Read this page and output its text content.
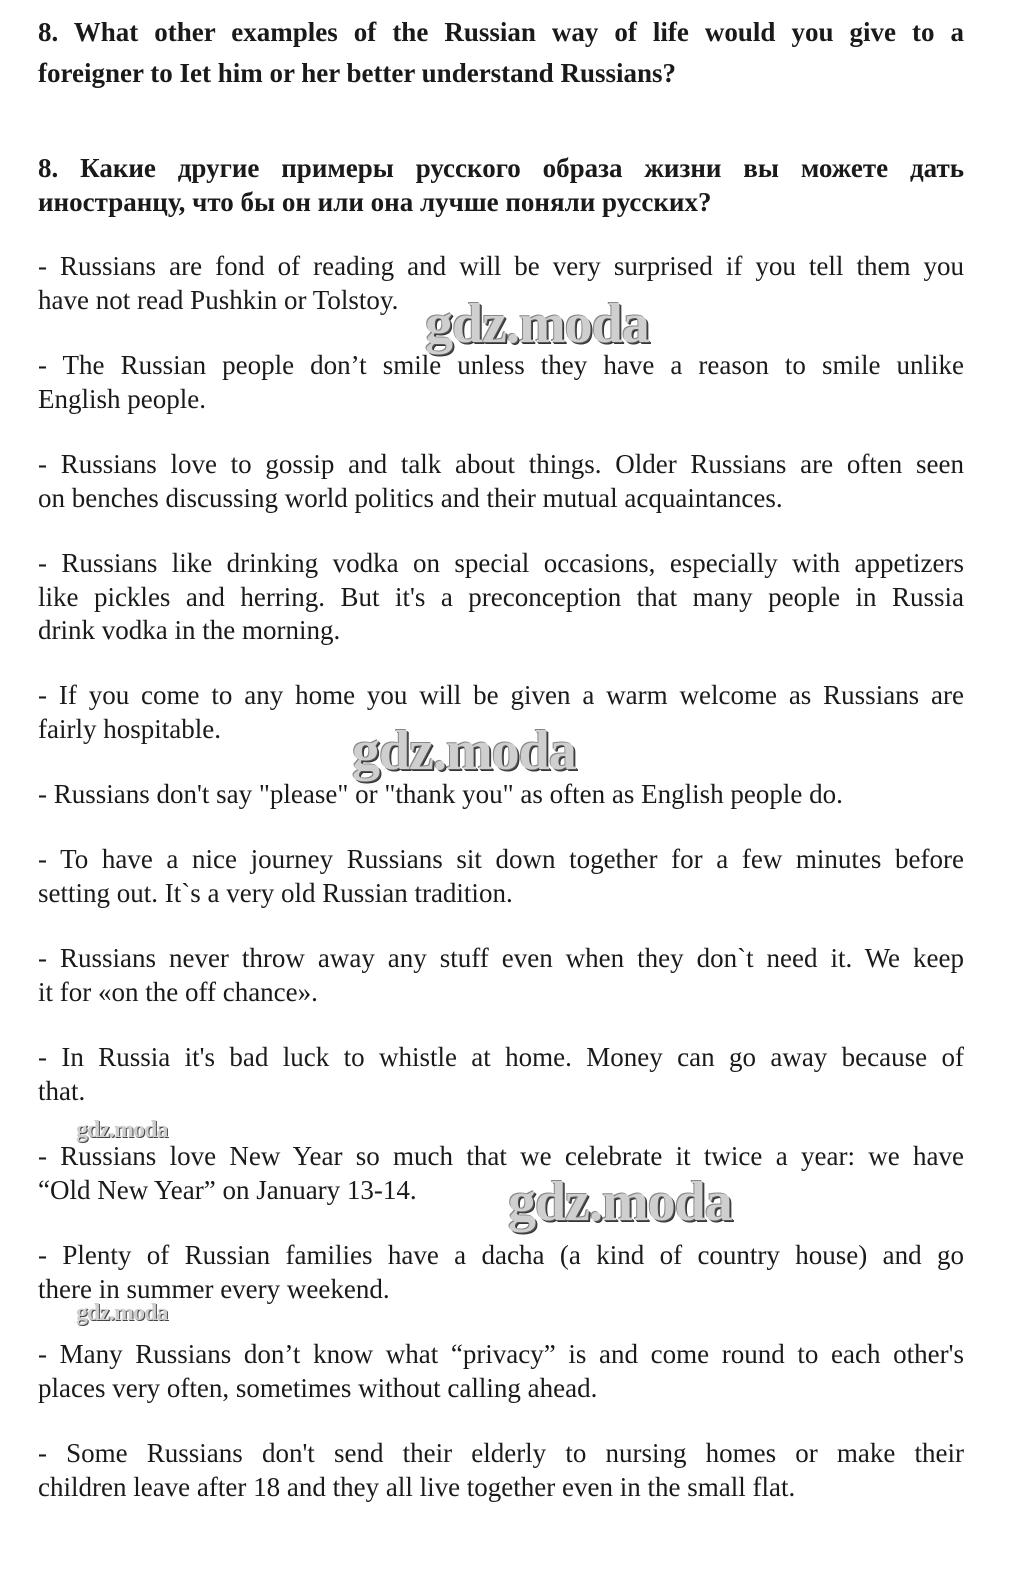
8. What other examples of the Russian way of life would you give to a
foreigner to Iet him or her better understand Russians?
8. Какие другие примеры русского образа жизни вы можете дать
иностранцу, что бы он или она лучше поняли русских?
- Russians are fond of reading and will be very surprised if you tell them you
have not read Pushkin or Tolstoy.
- The Russian people don’t smile unless they have a reason to smile unlike
English people.
- Russians love to gossip and talk about things. Older Russians are often seen
on benches discussing world politics and their mutual acquaintances.
- Russians like drinking vodka on special occasions, especially with appetizers
like pickles and herring. But it's a preconception that many people in Russia
drink vodka in the morning.
- If you come to any home you will be given a warm welcome as Russians are
fairly hospitable.
- Russians don't say "please" or "thank you" as often as English people do.
- To have a nice journey Russians sit down together for a few minutes before
setting out. It`s a very old Russian tradition.
- Russians never throw away any stuff even when they don`t need it. We keep
it for «on the off chance».
- In Russia it's bad luck to whistle at home. Money can go away because of
that.
- Russians love New Year so much that we celebrate it twice a year: we have
“Old New Year” on January 13-14.
- Plenty of Russian families have a dacha (a kind of country house) and go
there in summer every weekend.
- Many Russians don’t know what “privacy” is and come round to each other's
places very often, sometimes without calling ahead.
- Some Russians don't send their elderly to nursing homes or make their
children leave after 18 and they all live together even in the small flat.
gdz.moda
gdz.moda
gdz.moda
gdz.moda
gdz.moda
